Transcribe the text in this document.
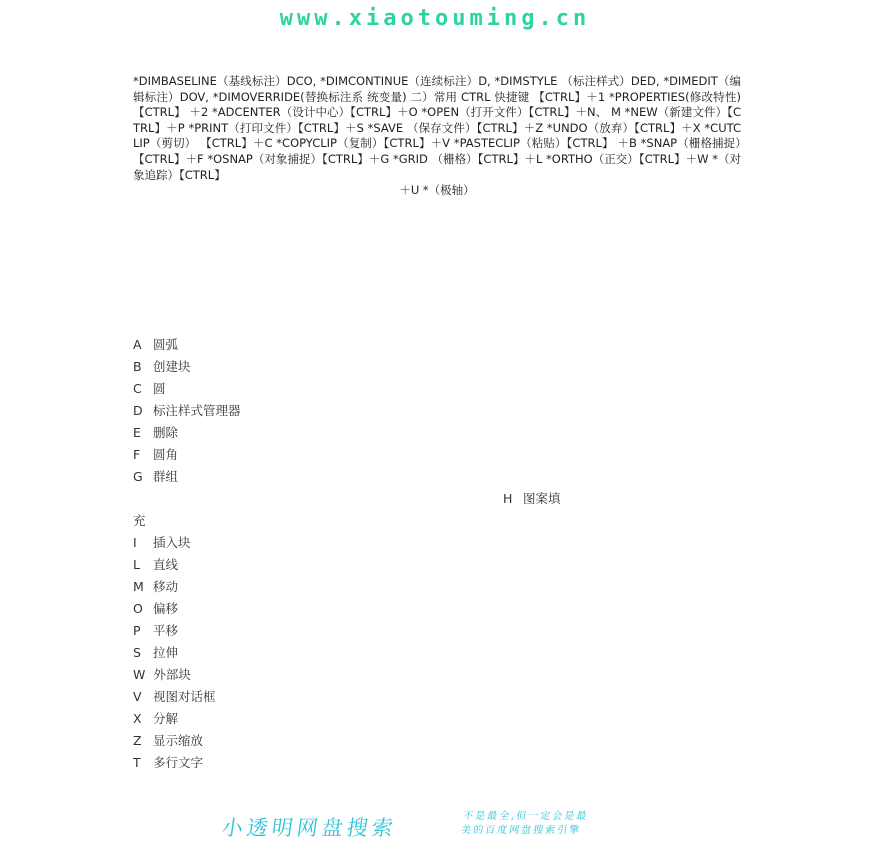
www.xiaotouming.cn
*DIMBASELINE（基线标注）DCO, *DIMCONTINUE（连续标注）D, *DIMSTYLE （标注样式）DED, *DIMEDIT（编辑标注）DOV, *DIMOVERRIDE(替换标注系 统变量) 二）常用 CTRL 快捷键 【CTRL】＋1 *PROPERTIES(修改特性) 【CTRL】 ＋2 *ADCENTER（设计中心）【CTRL】＋O *OPEN（打开文件）【CTRL】＋N、 M *NEW（新建文件）【CTRL】＋P *PRINT（打印文件）【CTRL】＋S *SAVE （保存文件）【CTRL】＋Z *UNDO（放弃）【CTRL】＋X *CUTCLIP（剪切） 【CTRL】＋C *COPYCLIP（复制）【CTRL】＋V *PASTECLIP（粘贴）【CTRL】 ＋B *SNAP（栅格捕捉）【CTRL】＋F *OSNAP（对象捕捉）【CTRL】＋G *GRID （栅格）【CTRL】＋L *ORTHO（正交）【CTRL】＋W *（对象追踪）【CTRL】
＋U *（极轴）
A 圆弧
B 创建块
C 圆
D 标注样式管理器
E 删除
F 圆角
G 群组
H 图案填
充
I 插入块
L 直线
M 移动
O 偏移
P 平移
S 拉伸
W 外部块
V 视图对话框
X 分解
Z 显示缩放
T 多行文字
小透明网盘搜索	不是最全,但一定会是最
美的百度网盘搜索引擎
